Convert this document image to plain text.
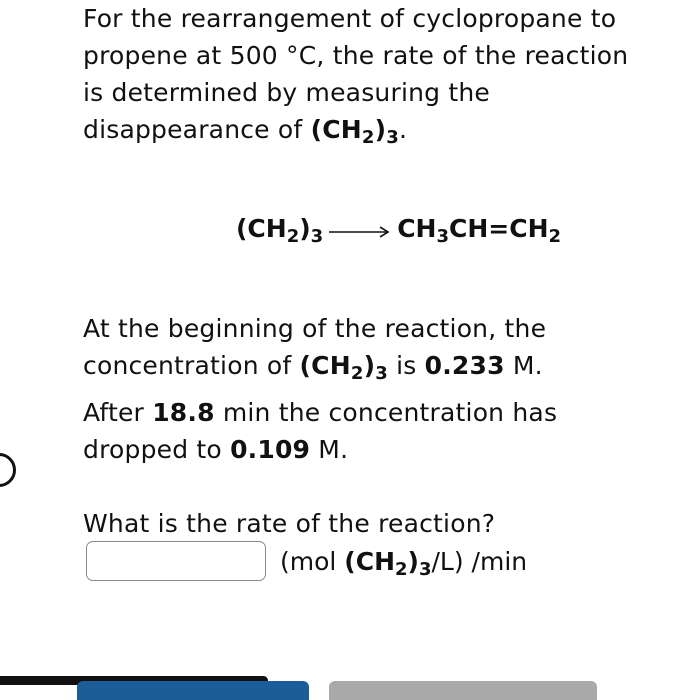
For the rearrangement of cyclopropane to propene at 500 °C, the rate of the reaction is determined by measuring the disappearance of $(CH_2)_3$.
$(CH_2)_3 \to CH_3CH=CH_2$
At the beginning of the reaction, the concentration of $(CH_2)_3$ is 0.233 M.
After 18.8 min the concentration has dropped to 0.109 M.
What is the rate of the reaction?
(mol $(CH_2)_3/L$) /min
